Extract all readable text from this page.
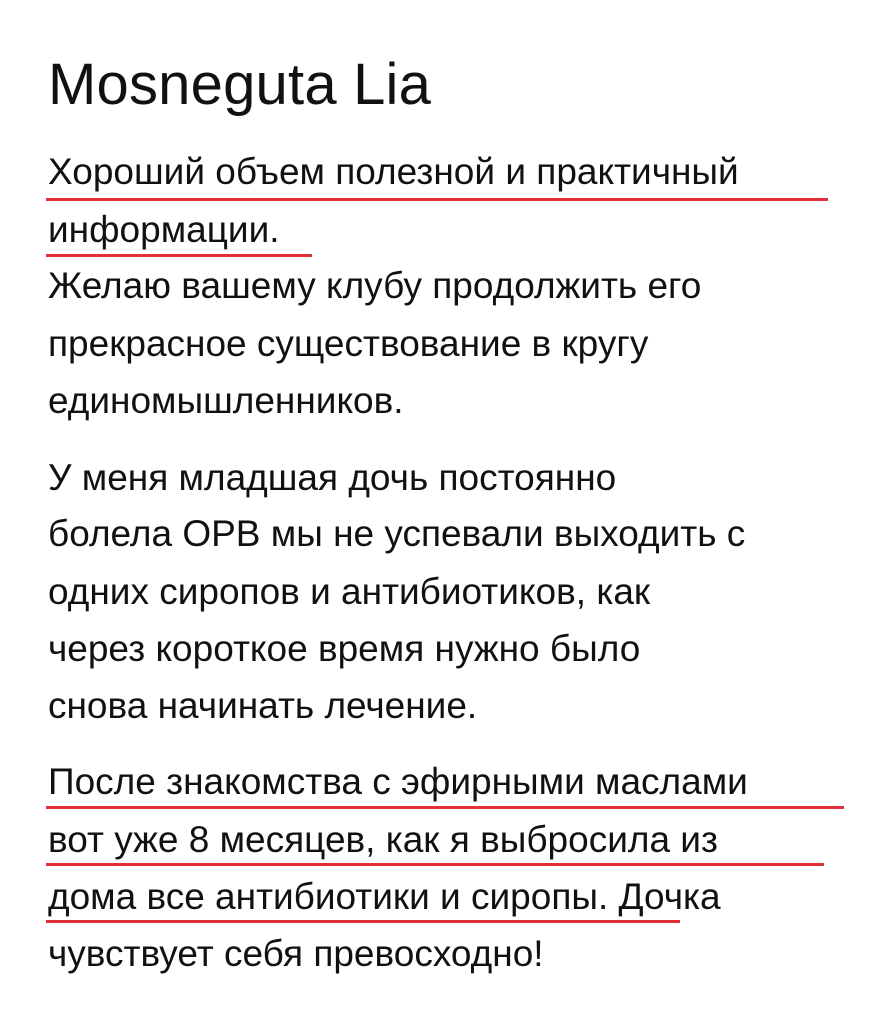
Mosneguta Lia
Хороший объем полезной и практичный
информации.
Желаю вашему клубу продолжить его
прекрасное существование в кругу
единомышленников.
У меня младшая дочь постоянно
болела ОРВ мы не успевали выходить с
одних сиропов и антибиотиков, как
через короткое время нужно было
снова начинать лечение.
После знакомства с эфирными маслами
вот уже 8 месяцев, как я выбросила из
дома все антибиотики и сиропы. Дочка
чувствует себя превосходно!
